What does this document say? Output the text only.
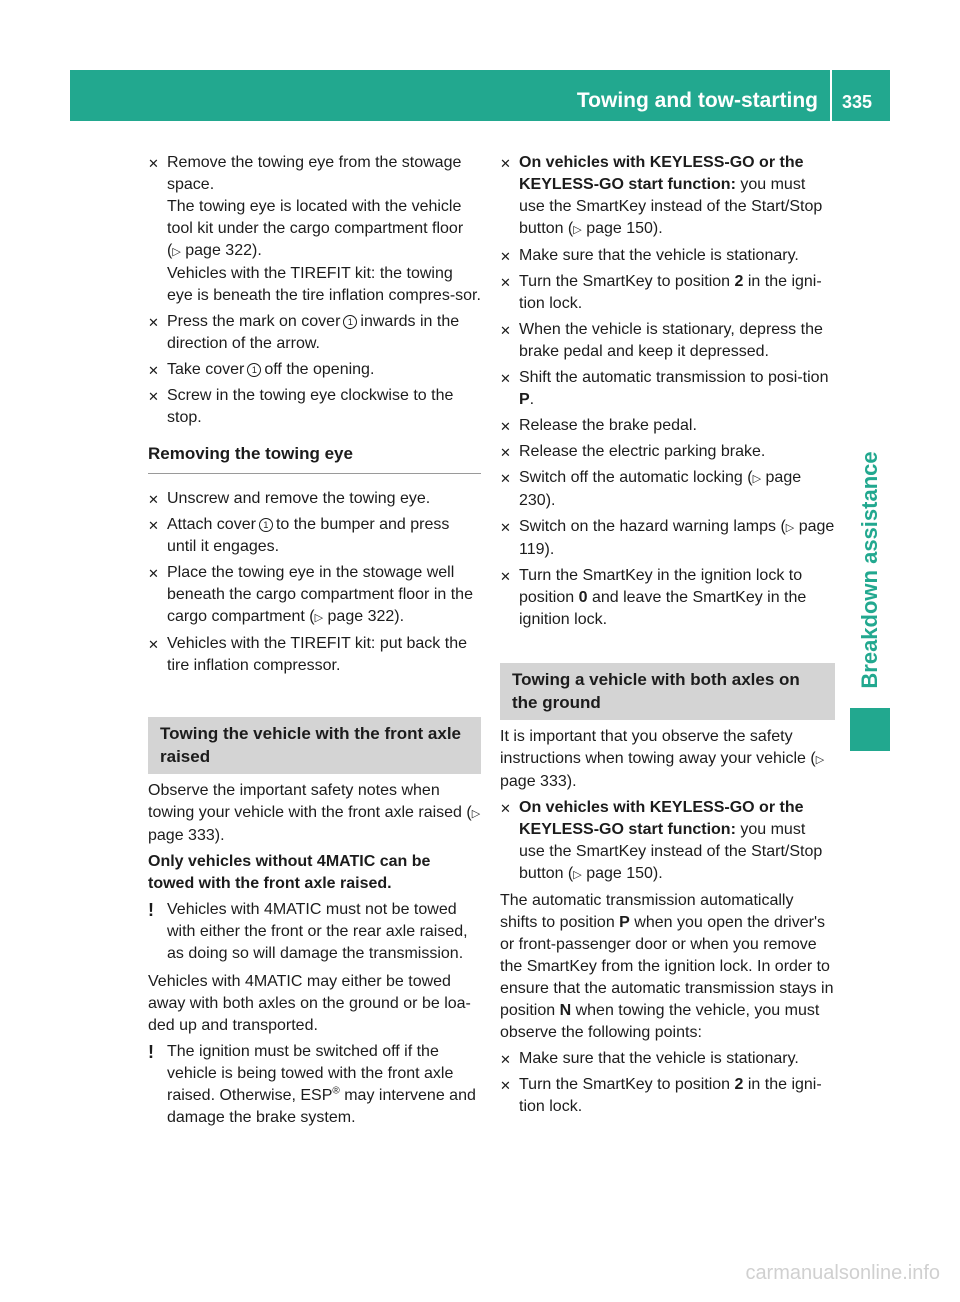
Towing and tow-starting 335
Breakdown assistance
✕ Remove the towing eye from the stowage space.

The towing eye is located with the vehicle tool kit under the cargo compartment floor (▷ page 322).

Vehicles with the TIREFIT kit: the towing eye is beneath the tire inflation compres-sor.

✕ Press the mark on cover 1 inwards in the direction of the arrow.
✕ Take cover 1 off the opening.
✕ Screw in the towing eye clockwise to the stop.
Removing the towing eye
✕ Unscrew and remove the towing eye.
✕ Attach cover 1 to the bumper and press until it engages.
✕ Place the towing eye in the stowage well beneath the cargo compartment floor in the cargo compartment (▷ page 322).
✕ Vehicles with the TIREFIT kit: put back the tire inflation compressor.
Towing the vehicle with the front axle raised

Observe the important safety notes when towing your vehicle with the front axle raised (▷ page 333).

Only vehicles without 4MATIC can be towed with the front axle raised.

! Vehicles with 4MATIC must not be towed with either the front or the rear axle raised, as doing so will damage the transmission.

Vehicles with 4MATIC may either be towed away with both axles on the ground or be loa-ded up and transported.

! The ignition must be switched off if the vehicle is being towed with the front axle raised. Otherwise, ESP® may intervene and damage the brake system.
✕ On vehicles with KEYLESS-GO or the KEYLESS-GO start function: you must use the SmartKey instead of the Start/Stop button (▷ page 150).
✕ Make sure that the vehicle is stationary.
✕ Turn the SmartKey to position 2 in the igni-tion lock.
✕ When the vehicle is stationary, depress the brake pedal and keep it depressed.
✕ Shift the automatic transmission to posi-tion P.
✕ Release the brake pedal.
✕ Release the electric parking brake.
✕ Switch off the automatic locking (▷ page 230).
✕ Switch on the hazard warning lamps (▷ page 119).
✕ Turn the SmartKey in the ignition lock to position 0 and leave the SmartKey in the ignition lock.
Towing a vehicle with both axles on the ground

It is important that you observe the safety instructions when towing away your vehicle (▷ page 333).

✕ On vehicles with KEYLESS-GO or the KEYLESS-GO start function: you must use the SmartKey instead of the Start/Stop button (▷ page 150).

The automatic transmission automatically shifts to position P when you open the driver's or front-passenger door or when you remove the SmartKey from the ignition lock. In order to ensure that the automatic transmission stays in position N when towing the vehicle, you must observe the following points:

✕ Make sure that the vehicle is stationary.
✕ Turn the SmartKey to position 2 in the igni-tion lock.
carmanualsonline.info
